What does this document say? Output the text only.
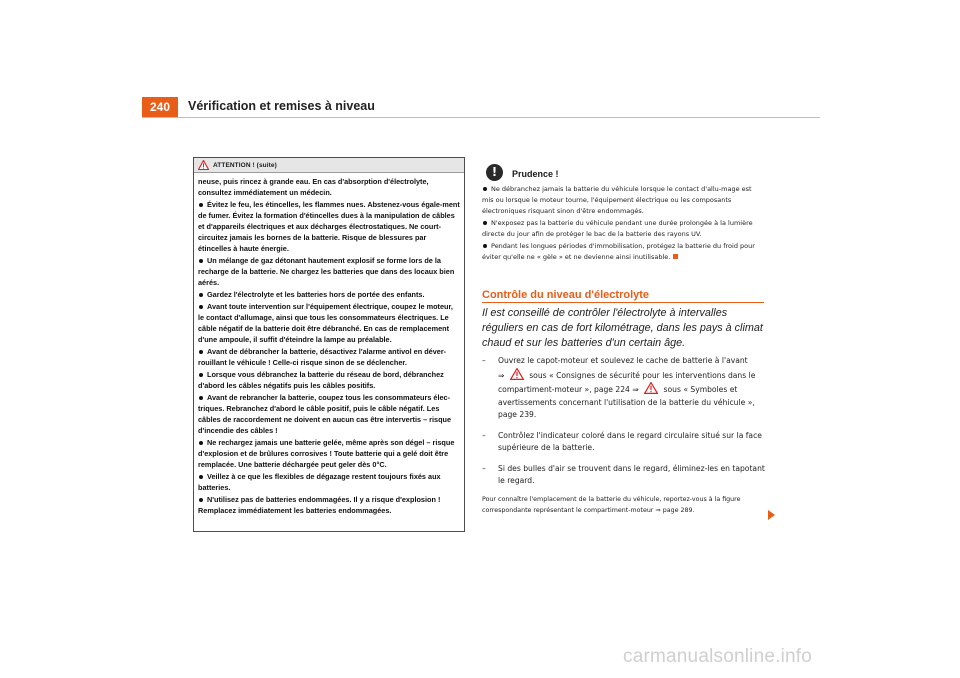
240	Vérification et remises à niveau
ATTENTION ! (suite)

neuse, puis rincez à grande eau. En cas d'absorption d'électrolyte, consultez immédiatement un médecin.

Évitez le feu, les étincelles, les flammes nues. Abstenez-vous égale-ment de fumer. Évitez la formation d'étincelles dues à la manipulation de câbles et d'appareils électriques et aux décharges électrostatiques. Ne court-circuitez jamais les bornes de la batterie. Risque de blessures par étincelles à haute énergie.

Un mélange de gaz détonant hautement explosif se forme lors de la recharge de la batterie. Ne chargez les batteries que dans des locaux bien aérés.

Gardez l'électrolyte et les batteries hors de portée des enfants.

Avant toute intervention sur l'équipement électrique, coupez le moteur, le contact d'allumage, ainsi que tous les consommateurs électriques. Le câble négatif de la batterie doit être débranché. En cas de remplacement d'une ampoule, il suffit d'éteindre la lampe au préalable.

Avant de débrancher la batterie, désactivez l'alarme antivol en déver-rouillant le véhicule ! Celle-ci risque sinon de se déclencher.

Lorsque vous débranchez la batterie du réseau de bord, débranchez d'abord les câbles négatifs puis les câbles positifs.

Avant de rebrancher la batterie, coupez tous les consommateurs élec-triques. Rebranchez d'abord le câble positif, puis le câble négatif. Les câbles de raccordement ne doivent en aucun cas être intervertis – risque d'incendie des câbles !

Ne rechargez jamais une batterie gelée, même après son dégel – risque d'explosion et de brûlures corrosives ! Toute batterie qui a gelé doit être remplacée. Une batterie déchargée peut geler dès 0°C.

Veillez à ce que les flexibles de dégazage restent toujours fixés aux batteries.

N'utilisez pas de batteries endommagées. Il y a risque d'explosion ! Remplacez immédiatement les batteries endommagées.

!	Prudence !

Ne débranchez jamais la batterie du véhicule lorsque le contact d'allu-mage est mis ou lorsque le moteur tourne, l'équipement électrique ou les composants électroniques risquant sinon d'être endommagés.

N'exposez pas la batterie du véhicule pendant une durée prolongée à la lumière directe du jour afin de protéger le bac de la batterie des rayons UV.

Pendant les longues périodes d'immobilisation, protégez la batterie du froid pour éviter qu'elle ne « gèle » et ne devienne ainsi inutilisable.

Contrôle du niveau d'électrolyte
Il est conseillé de contrôler l'électrolyte à intervalles réguliers en cas de fort kilométrage, dans les pays à climat chaud et sur les batteries d'un certain âge.
–	Ouvrez le capot-moteur et soulevez le cache de batterie à l'avant
⇒	sous « Consignes de sécurité pour les interventions dans le compartiment-moteur », page 224 ⇒	sous « Symboles et avertissements concernant l'utilisation de la batterie du véhicule », page 239.
–	Contrôlez l'indicateur coloré dans le regard circulaire situé sur la face supérieure de la batterie.
–	Si des bulles d'air se trouvent dans le regard, éliminez-les en tapotant le regard.
Pour connaître l'emplacement de la batterie du véhicule, reportez-vous à la figure correspondante représentant le compartiment-moteur ⇒ page 289.
carmanualsonline.info
